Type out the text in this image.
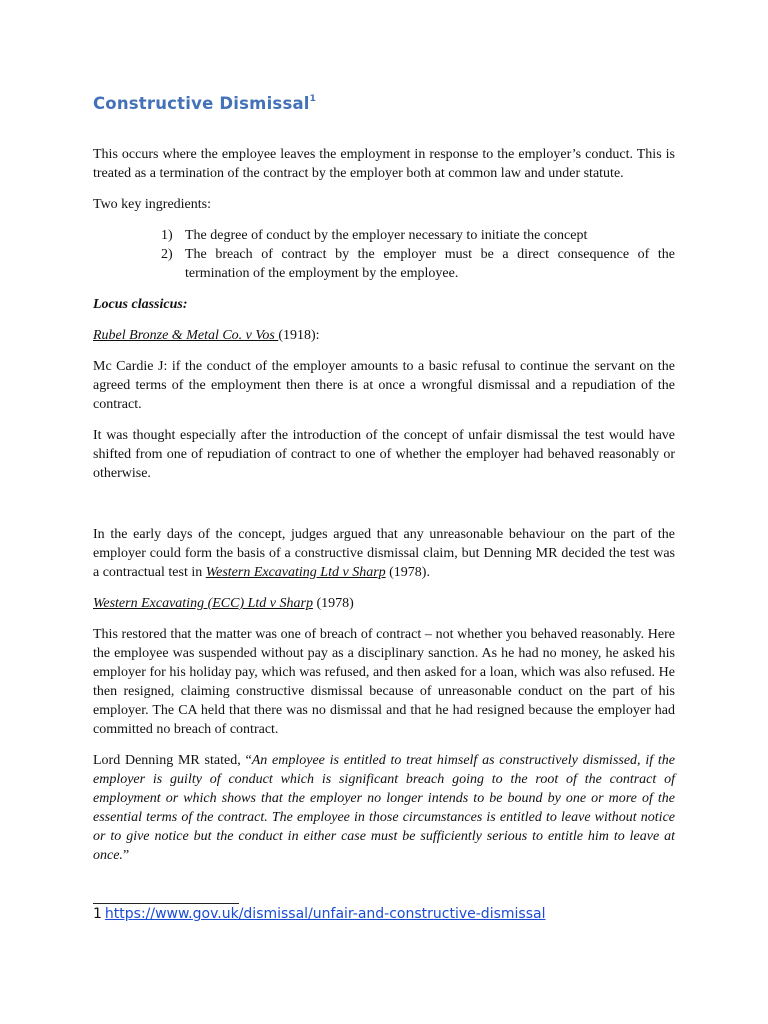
Constructive Dismissal$^1$

This occurs where the employee leaves the employment in response to the employer’s conduct. This is treated as a termination of the contract by the employer both at common law and under statute.

Two key ingredients:

1) The degree of conduct by the employer necessary to initiate the concept
2) The breach of contract by the employer must be a direct consequence of the termination of the employment by the employee.

Locus classicus:

Rubel Bronze & Metal Co. v Vos (1918):

Mc Cardie J: if the conduct of the employer amounts to a basic refusal to continue the servant on the agreed terms of the employment then there is at once a wrongful dismissal and a repudiation of the contract.

It was thought especially after the introduction of the concept of unfair dismissal the test would have shifted from one of repudiation of contract to one of whether the employer had behaved reasonably or otherwise.

In the early days of the concept, judges argued that any unreasonable behaviour on the part of the employer could form the basis of a constructive dismissal claim, but Denning MR decided the test was a contractual test in Western Excavating Ltd v Sharp (1978).

Western Excavating (ECC) Ltd v Sharp (1978)

This restored that the matter was one of breach of contract – not whether you behaved reasonably. Here the employee was suspended without pay as a disciplinary sanction. As he had no money, he asked his employer for his holiday pay, which was refused, and then asked for a loan, which was also refused. He then resigned, claiming constructive dismissal because of unreasonable conduct on the part of his employer. The CA held that there was no dismissal and that he had resigned because the employer had committed no breach of contract.

Lord Denning MR stated, “An employee is entitled to treat himself as constructively dismissed, if the employer is guilty of conduct which is significant breach going to the root of the contract of employment or which shows that the employer no longer intends to be bound by one or more of the essential terms of the contract. The employee in those circumstances is entitled to leave without notice or to give notice but the conduct in either case must be sufficiently serious to entitle him to leave at once.”

1 https://www.gov.uk/dismissal/unfair-and-constructive-dismissal
